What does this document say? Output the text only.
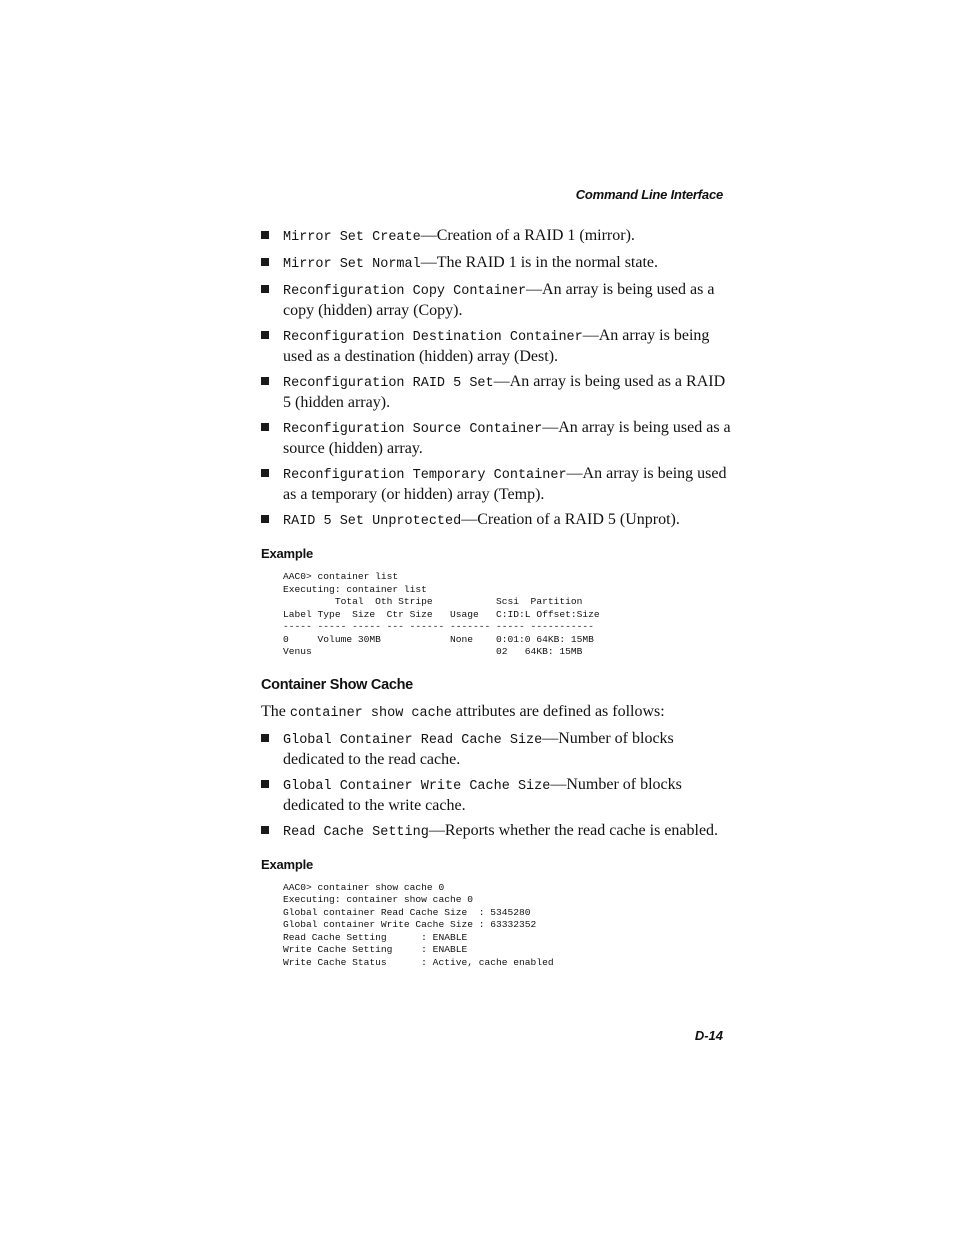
Command Line Interface
Mirror Set Create—Creation of a RAID 1 (mirror).
Mirror Set Normal—The RAID 1 is in the normal state.
Reconfiguration Copy Container—An array is being used as a copy (hidden) array (Copy).
Reconfiguration Destination Container—An array is being used as a destination (hidden) array (Dest).
Reconfiguration RAID 5 Set—An array is being used as a RAID 5 (hidden array).
Reconfiguration Source Container—An array is being used as a source (hidden) array.
Reconfiguration Temporary Container—An array is being used as a temporary (or hidden) array (Temp).
RAID 5 Set Unprotected—Creation of a RAID 5 (Unprot).
Example
AAC0> container list
Executing: container list
Total  Oth Stripe           Scsi  Partition
Label Type  Size  Ctr Size   Usage   C:ID:L Offset:Size
----- ----- ----- --- ------ ------- ----- -----------
0     Volume 30MB            None    0:01:0 64KB: 15MB
Venus                                02   64KB: 15MB
Container Show Cache

The container show cache attributes are defined as follows:

Global Container Read Cache Size—Number of blocks dedicated to the read cache.
Global Container Write Cache Size—Number of blocks dedicated to the write cache.
Read Cache Setting—Reports whether the read cache is enabled.
Example
AAC0> container show cache 0
Executing: container show cache 0
Global container Read Cache Size  : 5345280
Global container Write Cache Size : 63332352
Read Cache Setting      : ENABLE
Write Cache Setting     : ENABLE
Write Cache Status      : Active, cache enabled
D-14
